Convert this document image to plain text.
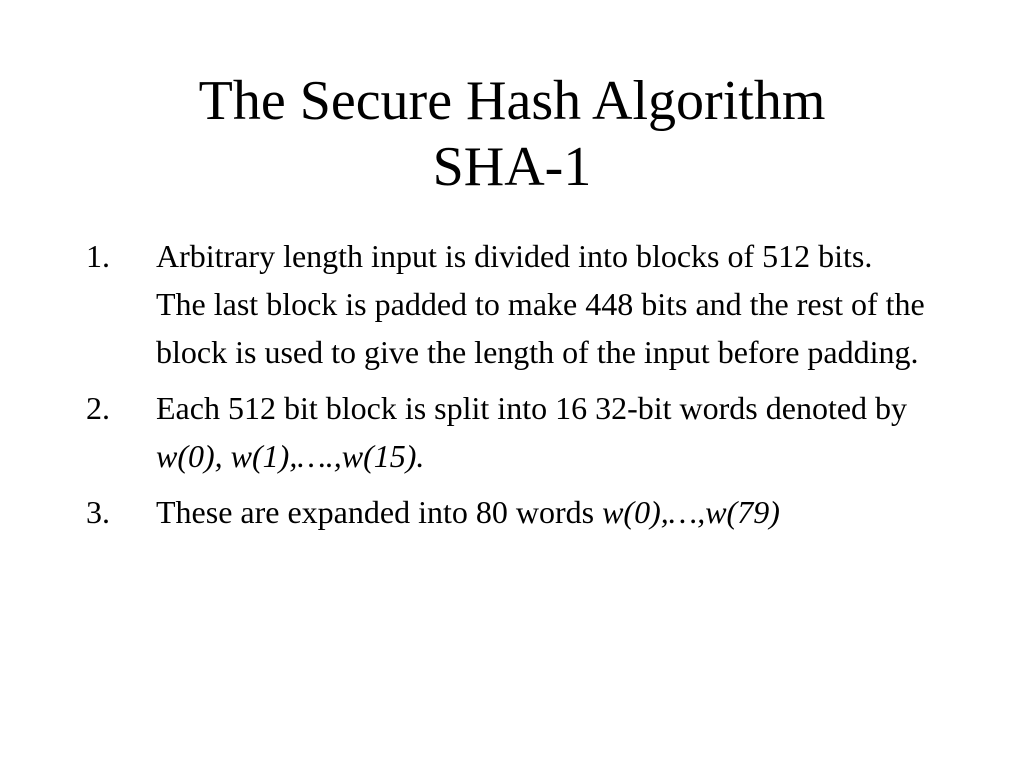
The Secure Hash Algorithm
SHA-1
1. Arbitrary length input is divided into blocks of 512 bits. The last block is padded to make 448 bits and the rest of the block is used to give the length of the input before padding.
2. Each 512 bit block is split into 16 32-bit words denoted by w(0), w(1),….,w(15).
3. These are expanded into 80 words w(0),…,w(79)
